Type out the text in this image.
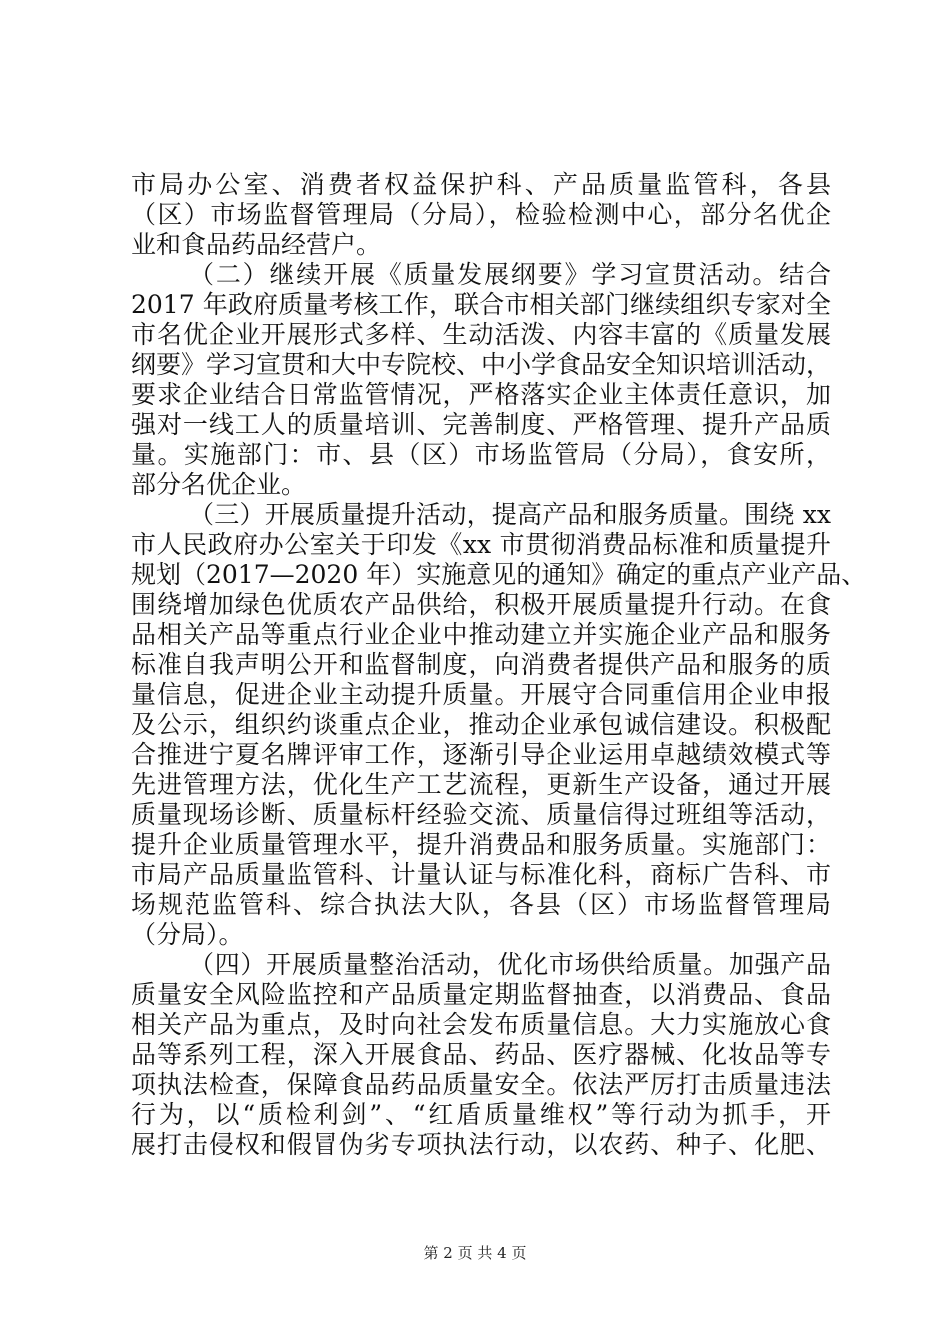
市局办公室、消费者权益保护科、产品质量监管科，各县
（区）市场监督管理局（分局），检验检测中心，部分名优企
业和食品药品经营户。
（二）继续开展《质量发展纲要》学习宣贯活动。结合
2017 年政府质量考核工作，联合市相关部门继续组织专家对全
市名优企业开展形式多样、生动活泼、内容丰富的《质量发展
纲要》学习宣贯和大中专院校、中小学食品安全知识培训活动，
要求企业结合日常监管情况，严格落实企业主体责任意识，加
强对一线工人的质量培训、完善制度、严格管理、提升产品质
量。实施部门：市、县（区）市场监管局（分局），食安所，
部分名优企业。
（三）开展质量提升活动，提高产品和服务质量。围绕 xx
市人民政府办公室关于印发《xx 市贯彻消费品标准和质量提升
规划（2017—2020 年）实施意见的通知》确定的重点产业产品、
围绕增加绿色优质农产品供给，积极开展质量提升行动。在食
品相关产品等重点行业企业中推动建立并实施企业产品和服务
标准自我声明公开和监督制度，向消费者提供产品和服务的质
量信息，促进企业主动提升质量。开展守合同重信用企业申报
及公示，组织约谈重点企业，推动企业承包诚信建设。积极配
合推进宁夏名牌评审工作，逐渐引导企业运用卓越绩效模式等
先进管理方法，优化生产工艺流程，更新生产设备，通过开展
质量现场诊断、质量标杆经验交流、质量信得过班组等活动，
提升企业质量管理水平，提升消费品和服务质量。实施部门：
市局产品质量监管科、计量认证与标准化科，商标广告科、市
场规范监管科、综合执法大队，各县（区）市场监督管理局
（分局）。
（四）开展质量整治活动，优化市场供给质量。加强产品
质量安全风险监控和产品质量定期监督抽查，以消费品、食品
相关产品为重点，及时向社会发布质量信息。大力实施放心食
品等系列工程，深入开展食品、药品、医疗器械、化妆品等专
项执法检查，保障食品药品质量安全。依法严厉打击质量违法
行为，以“质检利剑”、“红盾质量维权”等行动为抓手，开
展打击侵权和假冒伪劣专项执法行动，以农药、种子、化肥、
第 2 页 共 4 页
